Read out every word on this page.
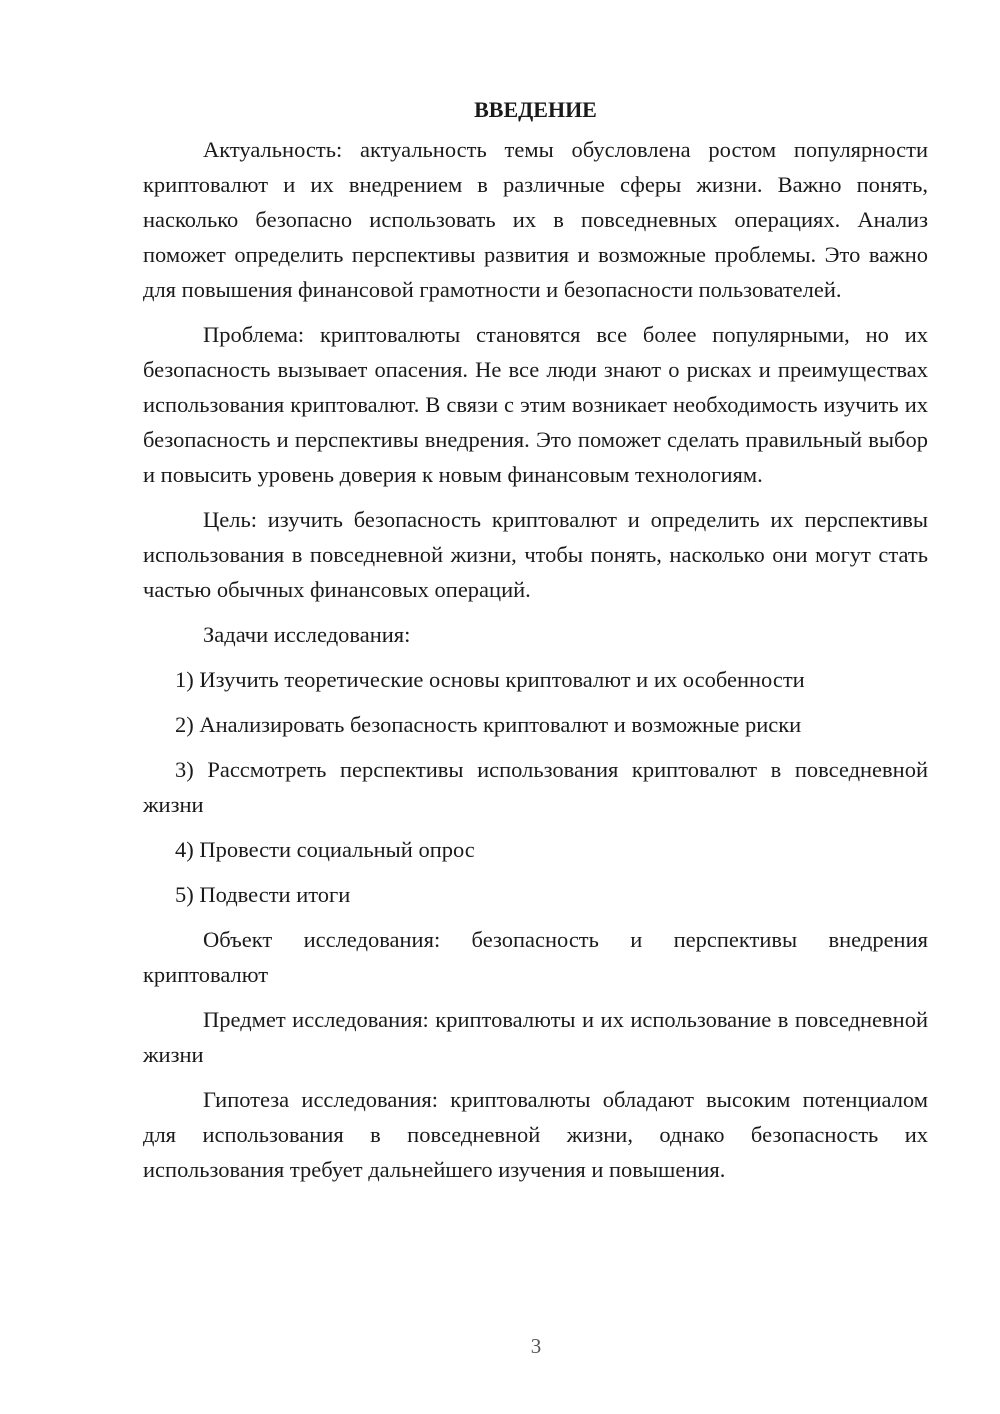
ВВЕДЕНИЕ

Актуальность: актуальность темы обусловлена ростом популярности криптовалют и их внедрением в различные сферы жизни. Важно понять, насколько безопасно использовать их в повседневных операциях. Анализ поможет определить перспективы развития и возможные проблемы. Это важно для повышения финансовой грамотности и безопасности пользователей.

Проблема: криптовалюты становятся все более популярными, но их безопасность вызывает опасения. Не все люди знают о рисках и преимуществах использования криптовалют. В связи с этим возникает необходимость изучить их безопасность и перспективы внедрения. Это поможет сделать правильный выбор и повысить уровень доверия к новым финансовым технологиям.

Цель: изучить безопасность криптовалют и определить их перспективы использования в повседневной жизни, чтобы понять, насколько они могут стать частью обычных финансовых операций.

Задачи исследования:

1) Изучить теоретические основы криптовалют и их особенности

2) Анализировать безопасность криптовалют и возможные риски

3) Рассмотреть перспективы использования криптовалют в повседневной жизни

4) Провести социальный опрос

5) Подвести итоги

Объект исследования: безопасность и перспективы внедрения криптовалют

Предмет исследования: криптовалюты и их использование в повседневной жизни

Гипотеза исследования: криптовалюты обладают высоким потенциалом для использования в повседневной жизни, однако безопасность их использования требует дальнейшего изучения и повышения.

3
